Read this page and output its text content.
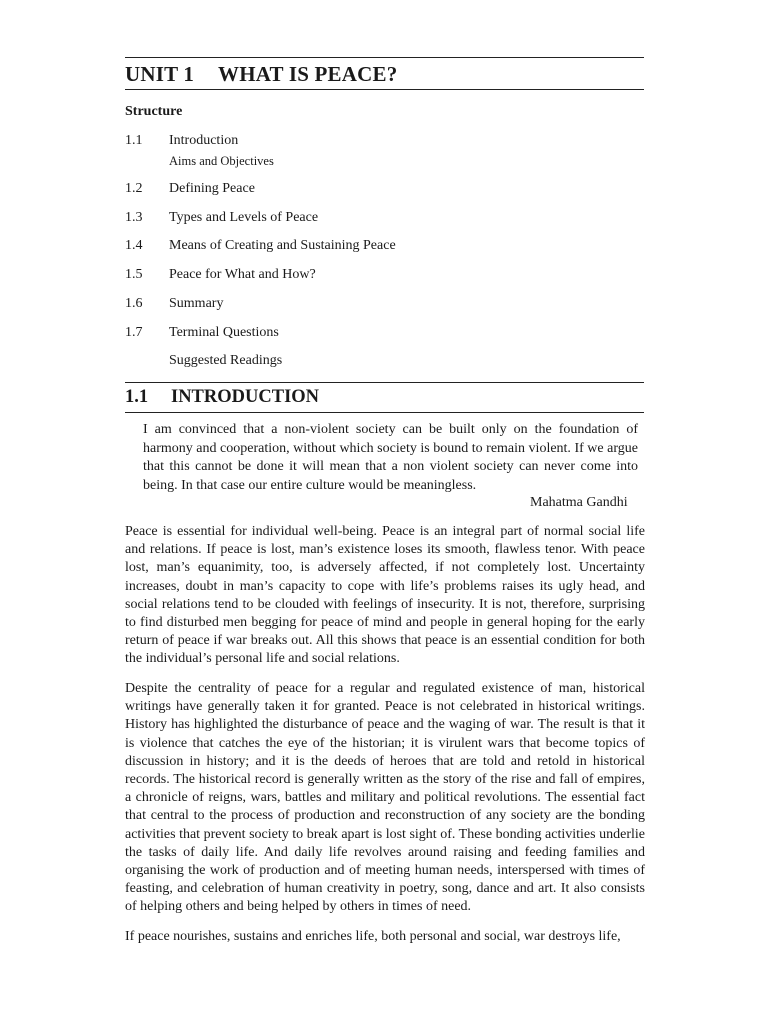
UNIT 1 WHAT IS PEACE?
Structure
1.1 Introduction
Aims and Objectives
1.2 Defining Peace
1.3 Types and Levels of Peace
1.4 Means of Creating and Sustaining Peace
1.5 Peace for What and How?
1.6 Summary
1.7 Terminal Questions
Suggested Readings
1.1 INTRODUCTION
I am convinced that a non-violent society can be built only on the foundation of harmony and cooperation, without which society is bound to remain violent. If we argue that this cannot be done it will mean that a non violent society can never come into being. In that case our entire culture would be meaningless.
Mahatma Gandhi

Peace is essential for individual well-being. Peace is an integral part of normal social life and relations. If peace is lost, man’s existence loses its smooth, flawless tenor. With peace lost, man’s equanimity, too, is adversely affected, if not completely lost. Uncertainty increases, doubt in man’s capacity to cope with life’s problems raises its ugly head, and social relations tend to be clouded with feelings of insecurity. It is not, therefore, surprising to find disturbed men begging for peace of mind and people in general hoping for the early return of peace if war breaks out. All this shows that peace is an essential condition for both the individual’s personal life and social relations.

Despite the centrality of peace for a regular and regulated existence of man, historical writings have generally taken it for granted. Peace is not celebrated in historical writings. History has highlighted the disturbance of peace and the waging of war. The result is that it is violence that catches the eye of the historian; it is virulent wars that become topics of discussion in history; and it is the deeds of heroes that are told and retold in historical records. The historical record is generally written as the story of the rise and fall of empires, a chronicle of reigns, wars, battles and military and political revolutions. The essential fact that central to the process of production and reconstruction of any society are the bonding activities that prevent society to break apart is lost sight of. These bonding activities underlie the tasks of daily life. And daily life revolves around raising and feeding families and organising the work of production and of meeting human needs, interspersed with times of feasting, and celebration of human creativity in poetry, song, dance and art. It also consists of helping others and being helped by others in times of need.

If peace nourishes, sustains and enriches life, both personal and social, war destroys life,
